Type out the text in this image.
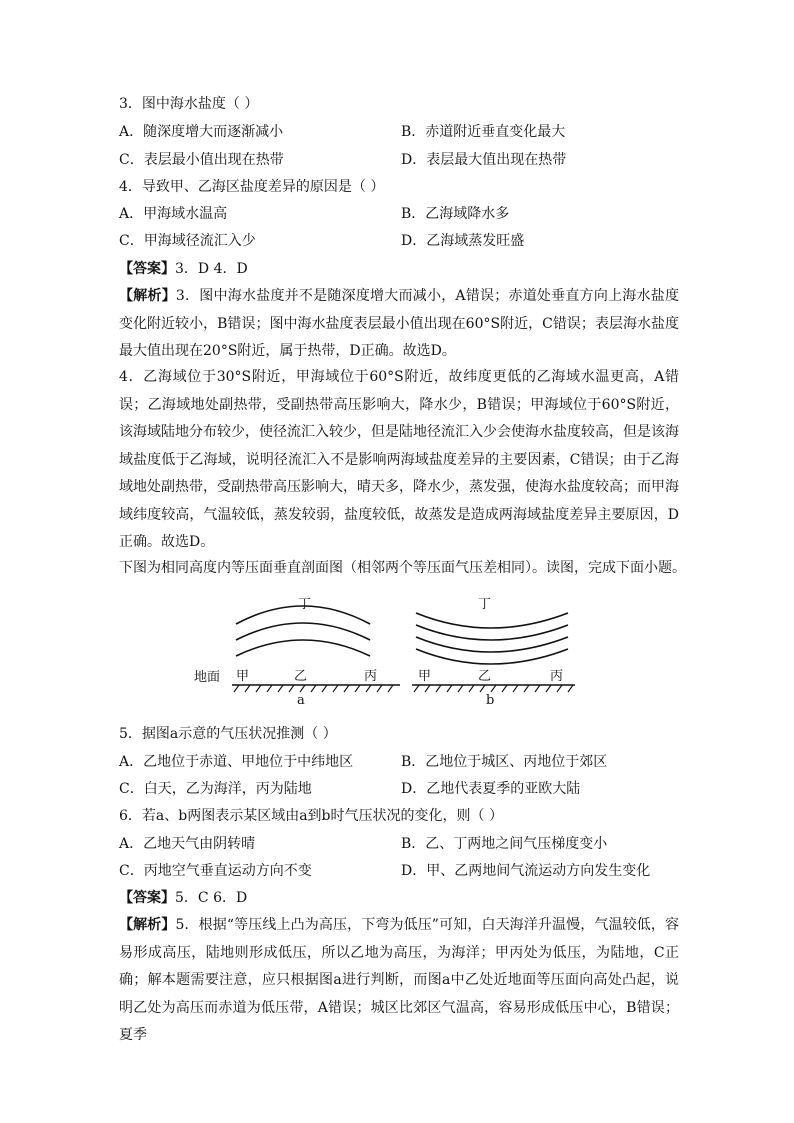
3．图中海水盐度（ ）
A．随深度增大而逐渐减小	B．赤道附近垂直变化最大
C．表层最小值出现在热带	D．表层最大值出现在热带
4．导致甲、乙海区盐度差异的原因是（ ）
A．甲海域水温高	B．乙海域降水多
C．甲海域径流汇入少	D．乙海域蒸发旺盛
【答案】3．D 4．D
【解析】3．图中海水盐度并不是随深度增大而减小，A错误；赤道处垂直方向上海水盐度变化附近较小，B错误；图中海水盐度表层最小值出现在60°S附近，C错误；表层海水盐度最大值出现在20°S附近，属于热带，D正确。故选D。
4．乙海域位于30°S附近，甲海域位于60°S附近，故纬度更低的乙海域水温更高，A错误；乙海域地处副热带，受副热带高压影响大，降水少，B错误；甲海域位于60°S附近，该海域陆地分布较少，使径流汇入较少，但是陆地径流汇入少会使海水盐度较高，但是该海域盐度低于乙海域，说明径流汇入不是影响两海域盐度差异的主要因素，C错误；由于乙海域地处副热带，受副热带高压影响大，晴天多，降水少，蒸发强，使海水盐度较高；而甲海域纬度较高，气温较低，蒸发较弱，盐度较低，故蒸发是造成两海域盐度差异主要原因，D正确。故选D。
下图为相同高度内等压面垂直剖面图（相邻两个等压面气压差相同）。读图，完成下面小题。
丁	丁
地面 甲	乙	丙	甲	乙	丙
a	b
5．据图a示意的气压状况推测（ ）
A．乙地位于赤道、甲地位于中纬地区	B．乙地位于城区、丙地位于郊区
C．白天，乙为海洋，丙为陆地	D．乙地代表夏季的亚欧大陆
6．若a、b两图表示某区域由a到b时气压状况的变化，则（ ）
A．乙地天气由阴转晴	B．乙、丁两地之间气压梯度变小
C．丙地空气垂直运动方向不变	D．甲、乙两地间气流运动方向发生变化
【答案】5．C 6．D
【解析】5．根据“等压线上凸为高压，下弯为低压”可知，白天海洋升温慢，气温较低，容易形成高压，陆地则形成低压，所以乙地为高压，为海洋；甲丙处为低压，为陆地，C正确；解本题需要注意，应只根据图a进行判断，而图a中乙处近地面等压面向高处凸起，说明乙处为高压而赤道为低压带，A错误；城区比郊区气温高，容易形成低压中心，B错误；夏季
